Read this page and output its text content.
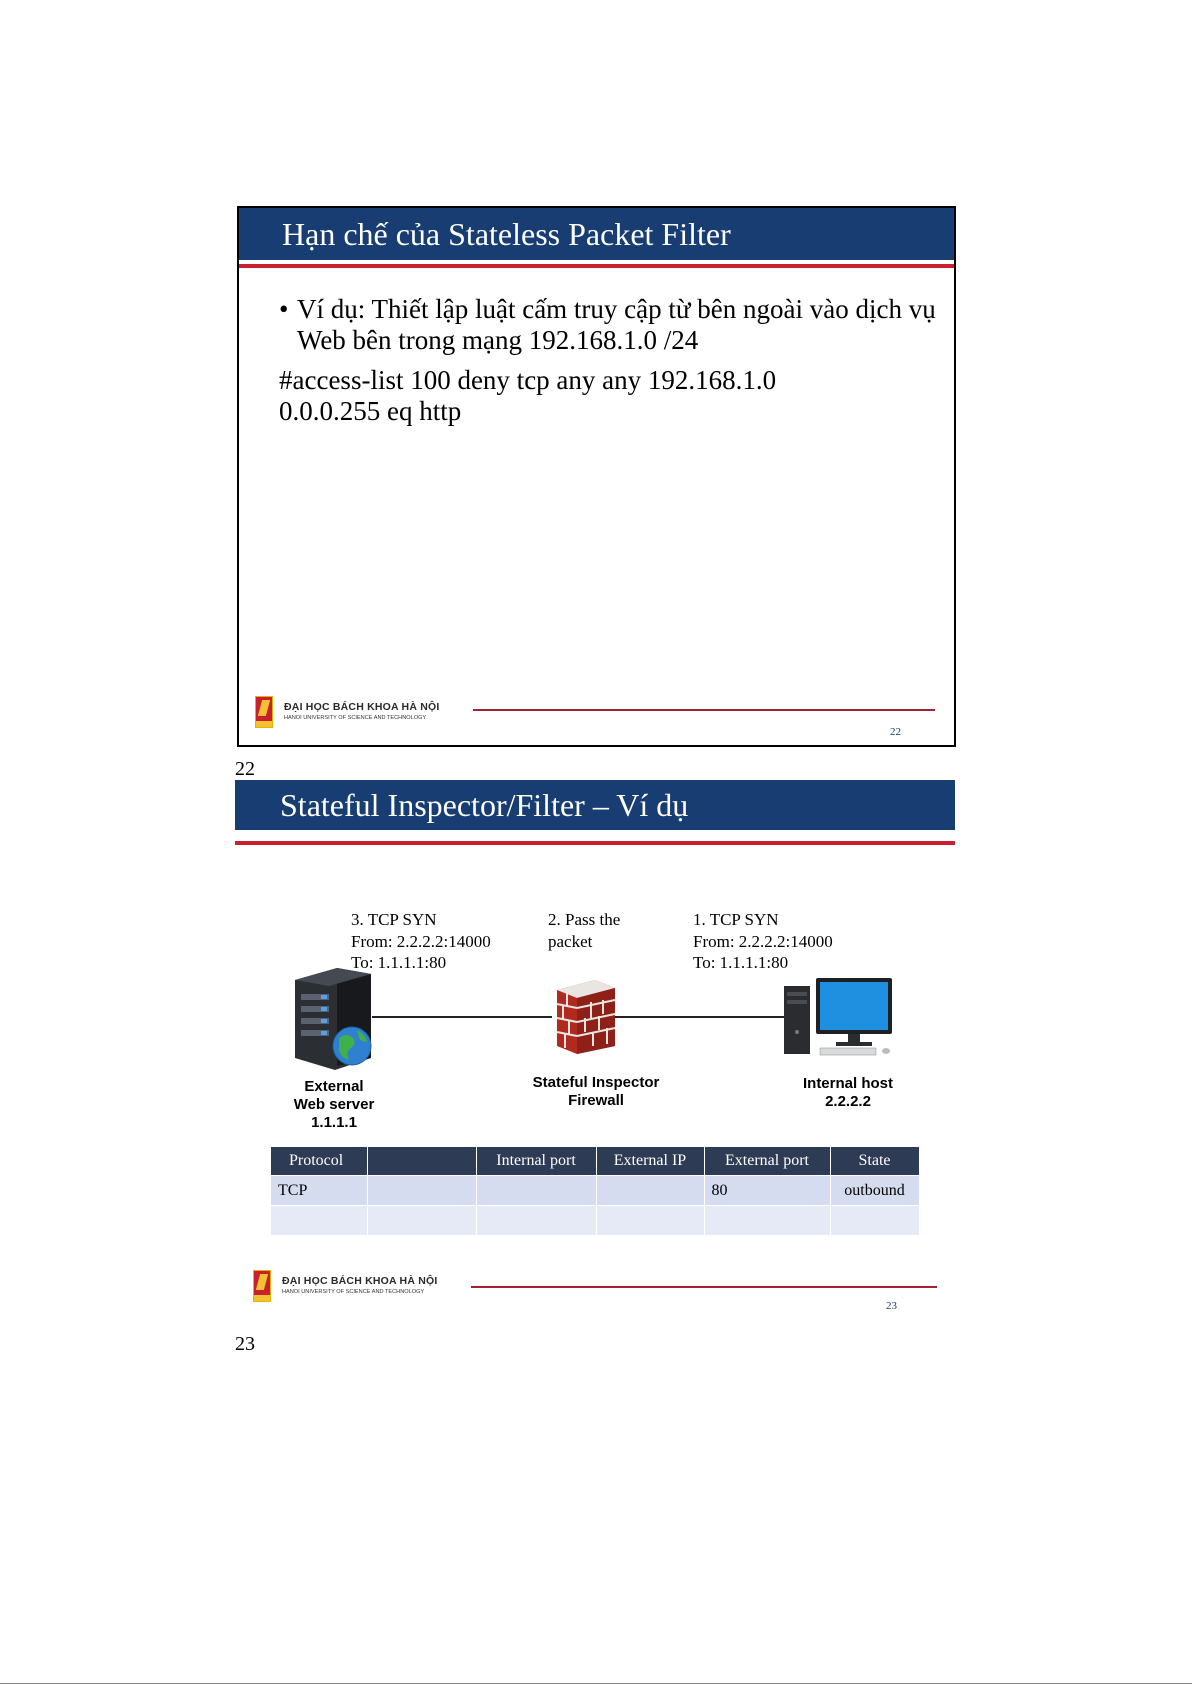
Hạn chế của Stateless Packet Filter
• Ví dụ: Thiết lập luật cấm truy cập từ bên ngoài vào dịch vụ Web bên trong mạng 192.168.1.0 /24
#access-list 100 deny tcp any any 192.168.1.0
0.0.0.255 eq http
ĐẠI HỌC BÁCH KHOA HÀ NỘI
HANOI UNIVERSITY OF SCIENCE AND TECHNOLOGY
22
22
Stateful Inspector/Filter – Ví dụ
3. TCP SYN
From: 2.2.2.2:14000
To: 1.1.1.1:80
2. Pass the
packet
1. TCP SYN
From: 2.2.2.2:14000
To: 1.1.1.1:80
External
Web server
1.1.1.1
Stateful Inspector
Firewall
Internal host
2.2.2.2
Protocol		Internal port	External IP	External port	State
TCP				80	outbound

ĐẠI HỌC BÁCH KHOA HÀ NỘI
HANOI UNIVERSITY OF SCIENCE AND TECHNOLOGY
23
23
